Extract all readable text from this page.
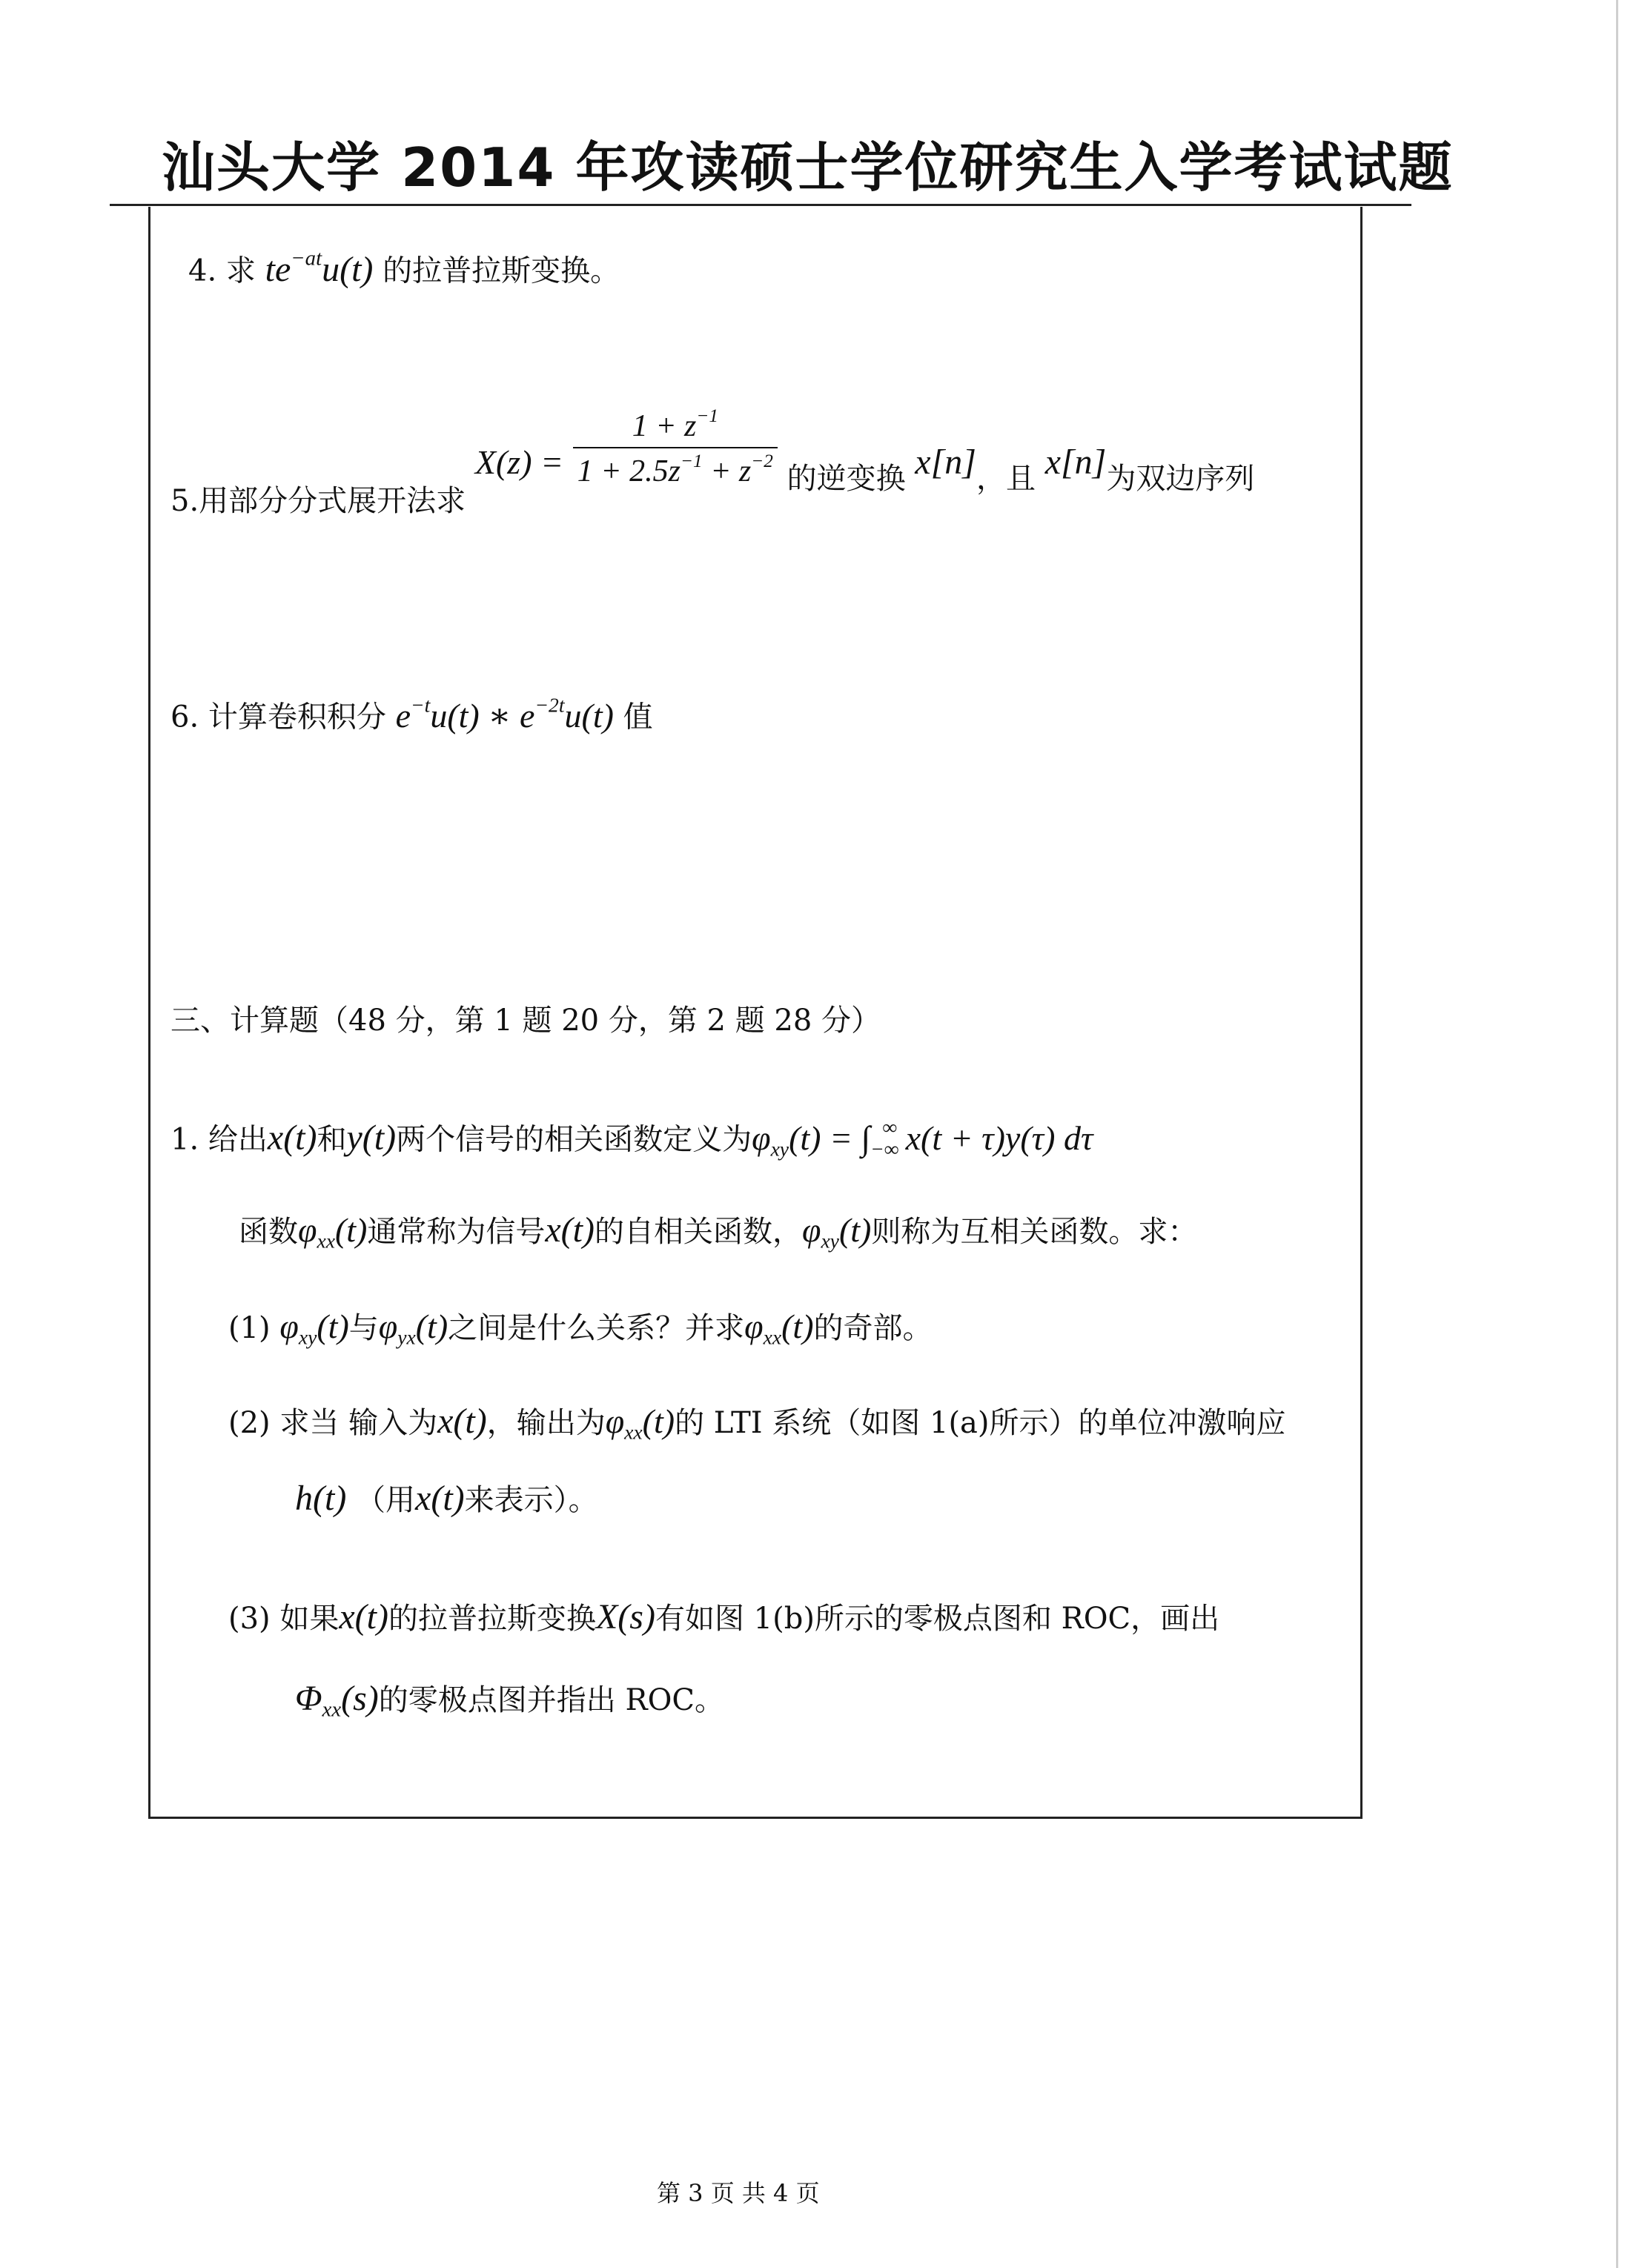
汕头大学 2014 年攻读硕士学位研究生入学考试试题
4. 求 $te^{-at}u(t)$ 的拉普拉斯变换。
5.用部分分式展开法求 $X(z) = \frac{1 + z^{-1}}{1 + 2.5z^{-1} + z^{-2}}$ 的逆变换 x[n]，且 x[n]为双边序列
6. 计算卷积积分 $e^{-t}u(t)$ ∗ $e^{-2t}u(t)$ 值
三、计算题（48 分，第 1 题 20 分，第 2 题 28 分）
1. 给出x(t)和y(t)两个信号的相关函数定义为φxy(t) = ∫−∞∞ x(t + τ)y(τ) dτ
函数φxx(t)通常称为信号x(t)的自相关函数，φxy(t)则称为互相关函数。求：
(1) φxy(t)与φyx(t)之间是什么关系？并求φxx(t)的奇部。
(2) 求当 输入为x(t)，输出为φxx(t)的 LTI 系统（如图 1(a)所示）的单位冲激响应
h(t) （用x(t)来表示）。
(3) 如果x(t)的拉普拉斯变换X(s)有如图 1(b)所示的零极点图和 ROC，画出
Φxx(s)的零极点图并指出 ROC。
第 3 页 共 4 页
